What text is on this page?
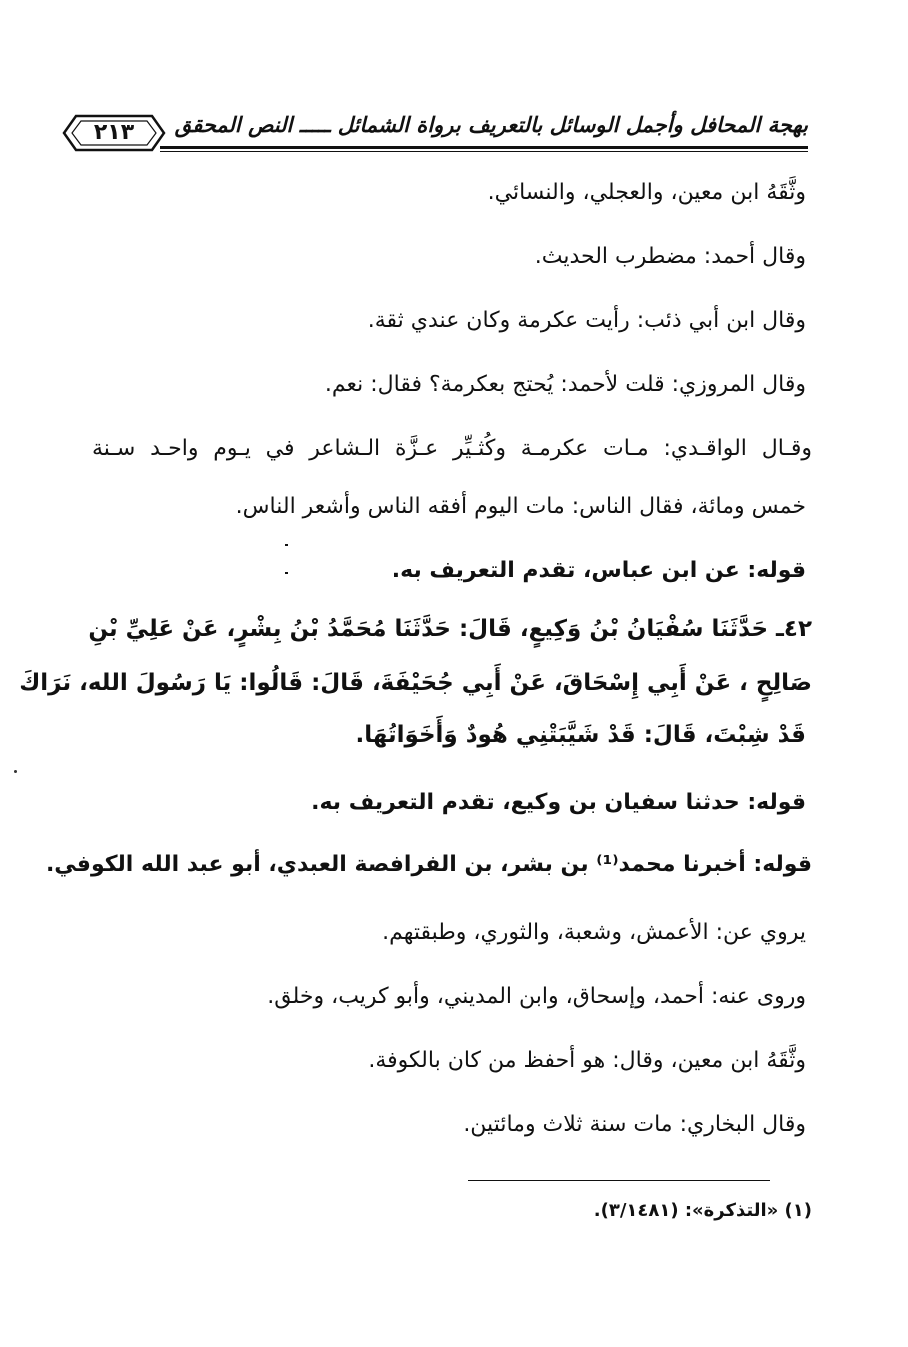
بهجة المحافل وأجمل الوسائل بالتعريف برواة الشمائل ـــــ النص المحقق
٢١٣
وثَّقَهُ ابن معين، والعجلي، والنسائي.
وقال أحمد: مضطرب الحديث.
وقال ابن أبي ذئب: رأيت عكرمة وكان عندي ثقة.
وقال المروزي: قلت لأحمد: يُحتج بعكرمة؟ فقال: نعم.
وقـال الواقـدي: مـات عكرمـة وكُثـيِّر عـزَّة الـشاعر في يـوم واحـد سـنة
خمس ومائة، فقال الناس: مات اليوم أفقه الناس وأشعر الناس.
قوله: عن ابن عباس، تقدم التعريف به.
٤٢ـ حَدَّثَنَا سُفْيَانُ بْنُ وَكِيعٍ، قَالَ: حَدَّثَنَا مُحَمَّدُ بْنُ بِشْرٍ، عَنْ عَلِيِّ بْنِ
صَالِحٍ ، عَنْ أَبِي إِسْحَاقَ، عَنْ أَبِي جُحَيْفَةَ، قَالَ: قَالُوا: يَا رَسُولَ الله، نَرَاكَ
قَدْ شِبْتَ، قَالَ: قَدْ شَيَّبَتْنِي هُودٌ وَأَخَوَاتُهَا.
قوله: حدثنا سفيان بن وكيع، تقدم التعريف به.
قوله: أخبرنا محمد⁽¹⁾ بن بشر، بن الفرافصة العبدي، أبو عبد الله الكوفي.
يروي عن: الأعمش، وشعبة، والثوري، وطبقتهم.
وروى عنه: أحمد، وإسحاق، وابن المديني، وأبو كريب، وخلق.
وثَّقَهُ ابن معين، وقال: هو أحفظ من كان بالكوفة.
وقال البخاري: مات سنة ثلاث ومائتين.
(١) «التذكرة»: (٣/١٤٨١).
